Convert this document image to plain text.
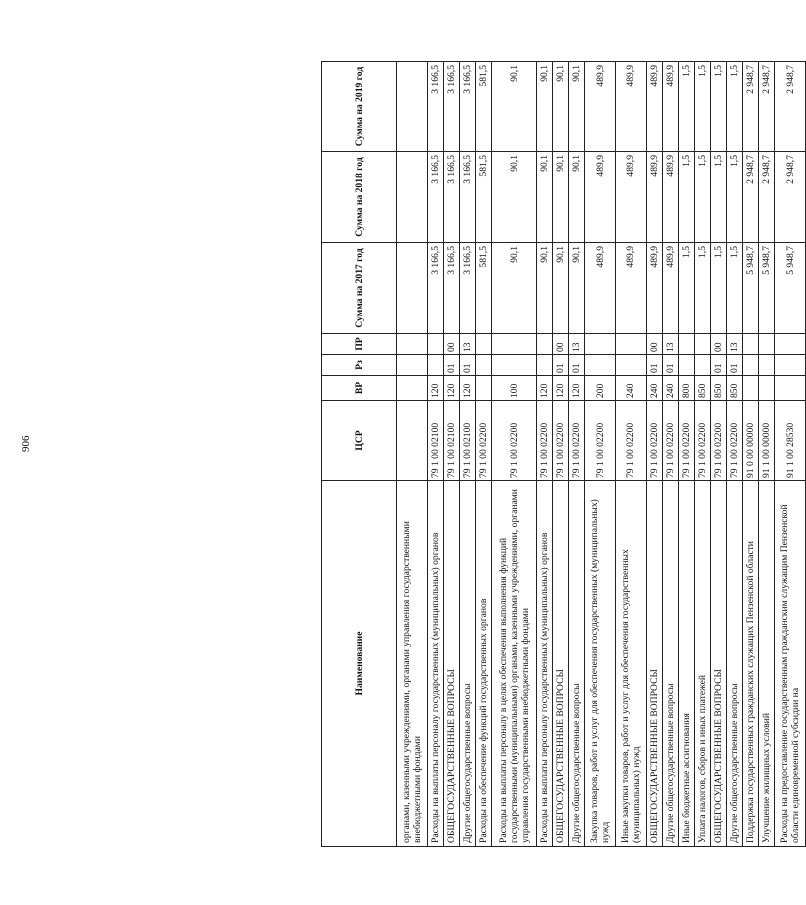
906
Наименование	ЦСР	ВР	Рз	ПР	Сумма на 2017 год	Сумма на 2018 год	Сумма на 2019 год
органами, казенными учреждениями, органами управления государственными внебюджетными фондами							
Расходы на выплаты персоналу государственных (муниципальных) органов	79 1 00 02100	120			3 166,5	3 166,5	3 166,5
ОБЩЕГОСУДАРСТВЕННЫЕ ВОПРОСЫ	79 1 00 02100	120	01	00	3 166,5	3 166,5	3 166,5
Другие общегосударственные вопросы	79 1 00 02100	120	01	13	3 166,5	3 166,5	3 166,5
Расходы на обеспечение функций государственных органов	79 1 00 02200				581,5	581,5	581,5
Расходы на выплаты персоналу в целях обеспечения выполнения функций государственными (муниципальными) органами, казенными учреждениями, органами управления государственными внебюджетными фондами	79 1 00 02200	100			90,1	90,1	90,1
Расходы на выплаты персоналу государственных (муниципальных) органов	79 1 00 02200	120			90,1	90,1	90,1
ОБЩЕГОСУДАРСТВЕННЫЕ ВОПРОСЫ	79 1 00 02200	120	01	00	90,1	90,1	90,1
Другие общегосударственные вопросы	79 1 00 02200	120	01	13	90,1	90,1	90,1
Закупка товаров, работ и услуг для обеспечения государственных (муниципальных) нужд	79 1 00 02200	200			489,9	489,9	489,9
Иные закупки товаров, работ и услуг для обеспечения государственных (муниципальных) нужд	79 1 00 02200	240			489,9	489,9	489,9
ОБЩЕГОСУДАРСТВЕННЫЕ ВОПРОСЫ	79 1 00 02200	240	01	00	489,9	489,9	489,9
Другие общегосударственные вопросы	79 1 00 02200	240	01	13	489,9	489,9	489,9
Иные бюджетные ассигнования	79 1 00 02200	800			1,5	1,5	1,5
Уплата налогов, сборов и иных платежей	79 1 00 02200	850			1,5	1,5	1,5
ОБЩЕГОСУДАРСТВЕННЫЕ ВОПРОСЫ	79 1 00 02200	850	01	00	1,5	1,5	1,5
Другие общегосударственные вопросы	79 1 00 02200	850	01	13	1,5	1,5	1,5
Поддержка государственных гражданских служащих Пензенской области	91 0 00 00000				5 948,7	2 948,7	2 948,7
Улучшение жилищных условий	91 1 00 00000				5 948,7	2 948,7	2 948,7
Расходы на предоставление государственным гражданским служащим Пензенской области единовременной субсидии на	91 1 00 28530				5 948,7	2 948,7	2 948,7
